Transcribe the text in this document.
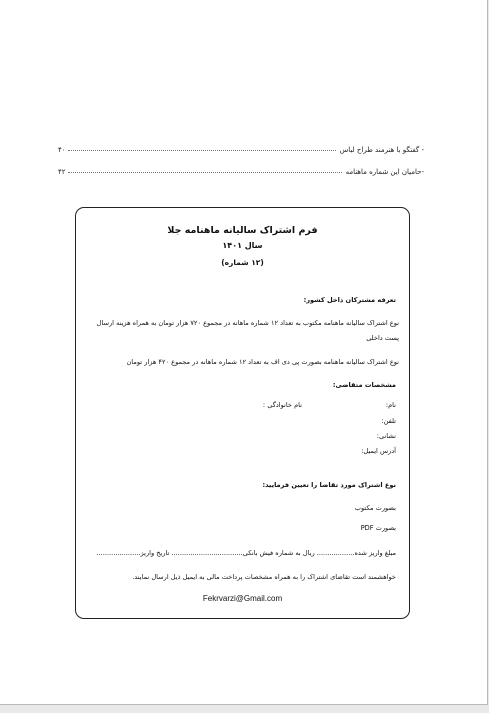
- گفتگو با هنرمند طراح لباس
۴۰
-حامیان این شماره ماهنامه
۴۲
فرم اشتراک سالیانه ماهنامه جلا
سال ۱۴۰۱
(۱۲ شماره)
تعرفه مشترکان داخل کشور:
نوع اشتراک سالیانه ماهنامه مکتوب به تعداد ۱۲ شماره ماهانه در مجموع ۷۲۰ هزار تومان به همراه هزینه ارسال
پست داخلی
نوع اشتراک سالیانه ماهنامه بصورت پی دی اف به تعداد ۱۲ شماره ماهانه در مجموع ۴۲۰ هزار تومان
مشخصات متقاضی:
نام:
نام خانوادگی :
تلفن:
نشانی:
آدرس ایمیل:
نوع اشتراک مورد تقاضا را تعیین فرمایید:
بصورت مکتوب
بصورت PDF
مبلغ واریز شده.................. ریال به شماره فیش بانکی.................................. تاریخ واریز.....................
خواهشمند است تقاضای اشتراک را به همراه مشخصات پرداخت مالی به ایمیل ذیل ارسال نمایند.
Fekrvarzi@Gmail.com
